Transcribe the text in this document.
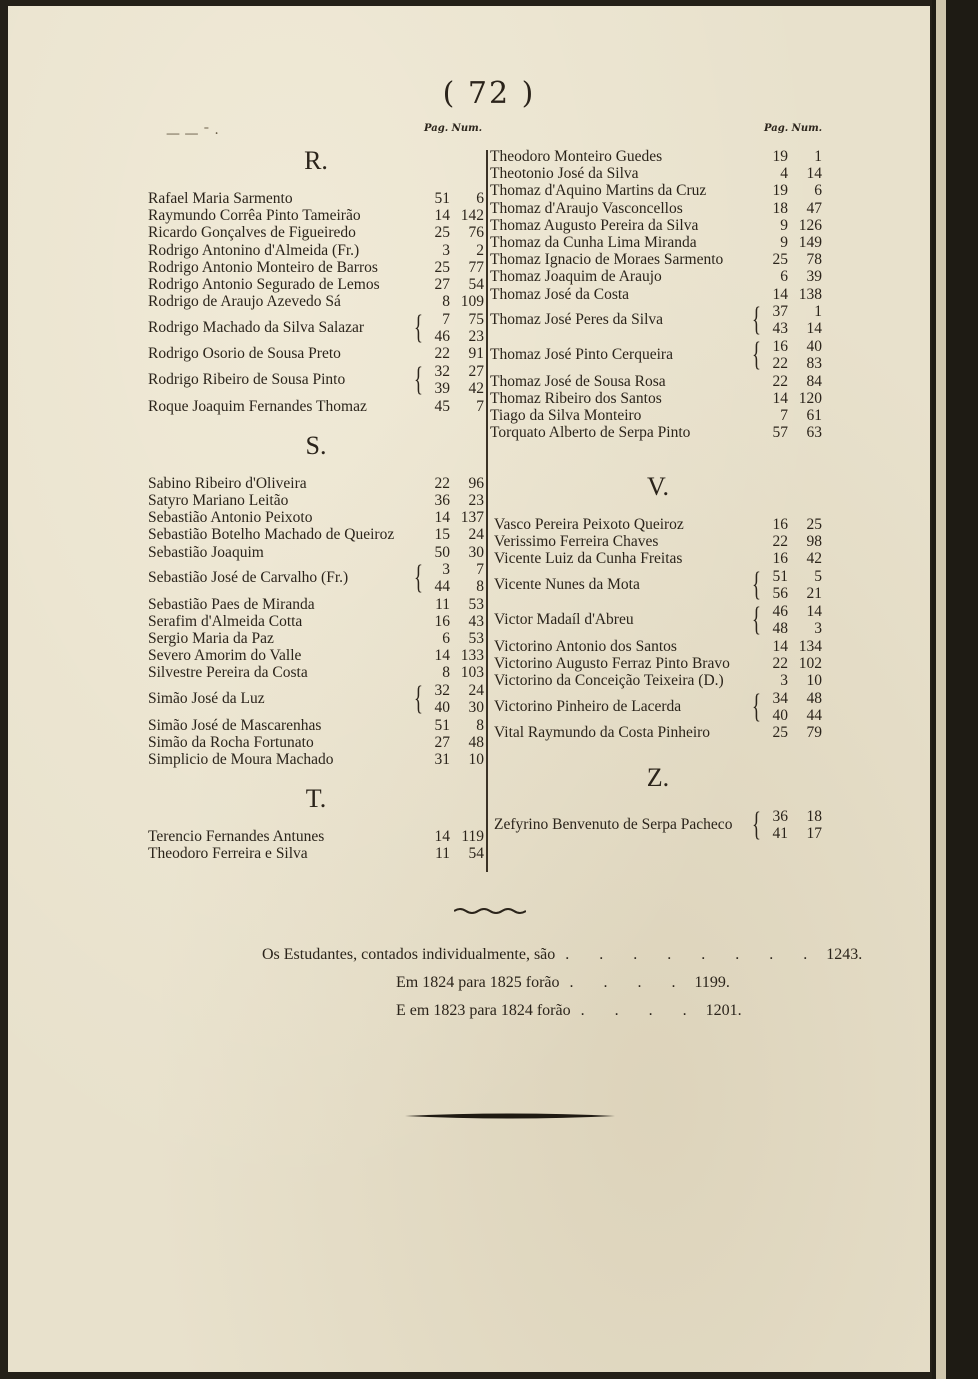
( 72 )
Pag. Num.	Pag. Num.
— — ˉ ·
R.
Rafael Maria Sarmento	51	6
Raymundo Corrêa Pinto Tameirão	14 142
Ricardo Gonçalves de Figueiredo	25	76
Rodrigo Antonino d'Almeida (Fr.)	3	2
Rodrigo Antonio Monteiro de Barros	25	77
Rodrigo Antonio Segurado de Lemos	27	54
Rodrigo de Araujo Azevedo Sá	8 109
Rodrigo Machado da Silva Salazar	{	7	75
46	23
Rodrigo Osorio de Sousa Preto	22	91
Rodrigo Ribeiro de Sousa Pinto	{ 32	27
39	42
Roque Joaquim Fernandes Thomaz	45	7
S.
Sabino Ribeiro d'Oliveira	22	96
Satyro Mariano Leitão	36	23
Sebastião Antonio Peixoto	14 137
Sebastião Botelho Machado de Queiroz	15	24
Sebastião Joaquim	50	30
Sebastião José de Carvalho (Fr.)	{	3	7
44	8
Sebastião Paes de Miranda	11	53
Serafim d'Almeida Cotta	16	43
Sergio Maria da Paz	6	53
Severo Amorim do Valle	14 133
Silvestre Pereira da Costa	8 103
Simão José da Luz	{ 32	24
40	30
Simão José de Mascarenhas	51	8
Simão da Rocha Fortunato	27	48
Simplicio de Moura Machado	31	10
T.
Terencio Fernandes Antunes	14 119
Theodoro Ferreira e Silva	11	54
Theodoro Monteiro Guedes	19	1
Theotonio José da Silva	4	14
Thomaz d'Aquino Martins da Cruz	19	6
Thomaz d'Araujo Vasconcellos	18	47
Thomaz Augusto Pereira da Silva	9 126
Thomaz da Cunha Lima Miranda	9 149
Thomaz Ignacio de Moraes Sarmento	25	78
Thomaz Joaquim de Araujo	6	39
Thomaz José da Costa	14 138
Thomaz José Peres da Silva	{ 37	1
43	14
Thomaz José Pinto Cerqueira	{ 16	40
22	83
Thomaz José de Sousa Rosa	22	84
Thomaz Ribeiro dos Santos	14 120
Tiago da Silva Monteiro	7	61
Torquato Alberto de Serpa Pinto	57	63
V.
Vasco Pereira Peixoto Queiroz	16	25
Verissimo Ferreira Chaves	22	98
Vicente Luiz da Cunha Freitas	16	42
Vicente Nunes da Mota	{ 51	5
56	21
Victor Madaíl d'Abreu	{ 46	14
48	3
Victorino Antonio dos Santos	14 134
Victorino Augusto Ferraz Pinto Bravo	22 102
Victorino da Conceição Teixeira (D.)	3	10
Victorino Pinheiro de Lacerda	{ 34	48
40	44
Vital Raymundo da Costa Pinheiro	25	79
Z.
Zefyrino Benvenuto de Serpa Pacheco { 36	18
41	17
Os Estudantes, contados individualmente, são . . . . . . . . 1243.
Em 1824 para 1825 forão . . . . 1199.
E em 1823 para 1824 forão . . . . 1201.
